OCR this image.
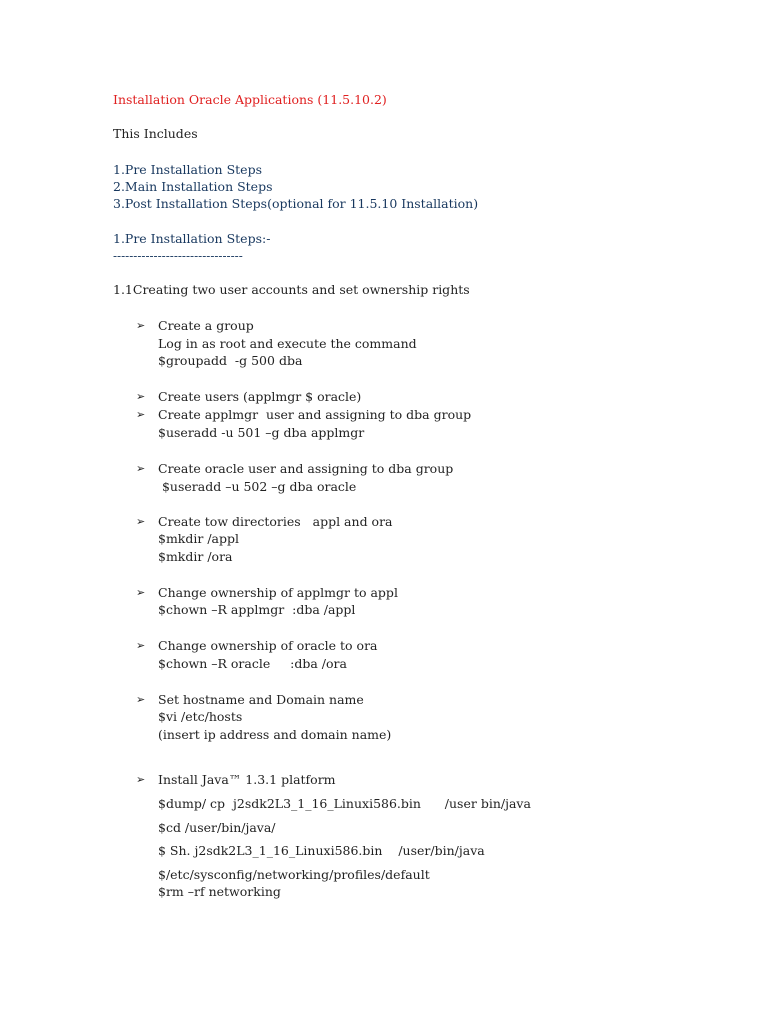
Installation Oracle Applications (11.5.10.2)
This Includes
1.Pre Installation Steps
2.Main Installation Steps
3.Post Installation Steps(optional for 11.5.10 Installation)
1.Pre Installation Steps:-
--------------------------------
1.1Creating two user accounts and set ownership rights
➢ Create a group
Log in as root and execute the command
$groupadd  -g 500 dba
➢ Create users (applmgr $ oracle)
➢ Create applmgr  user and assigning to dba group
$useradd -u 501 –g dba applmgr
➢ Create oracle user and assigning to dba group
$useradd –u 502 –g dba oracle
➢ Create tow directories   appl and ora
$mkdir /appl
$mkdir /ora
➢ Change ownership of applmgr to appl
$chown –R applmgr  :dba /appl
➢ Change ownership of oracle to ora
$chown –R oracle     :dba /ora
➢ Set hostname and Domain name
$vi /etc/hosts
(insert ip address and domain name)
➢ Install Java™ 1.3.1 platform
$dump/ cp  j2sdk2L3_1_16_Linuxi586.bin      /user bin/java
$cd /user/bin/java/
$ Sh. j2sdk2L3_1_16_Linuxi586.bin    /user/bin/java
$/etc/sysconfig/networking/profiles/default
$rm –rf networking
